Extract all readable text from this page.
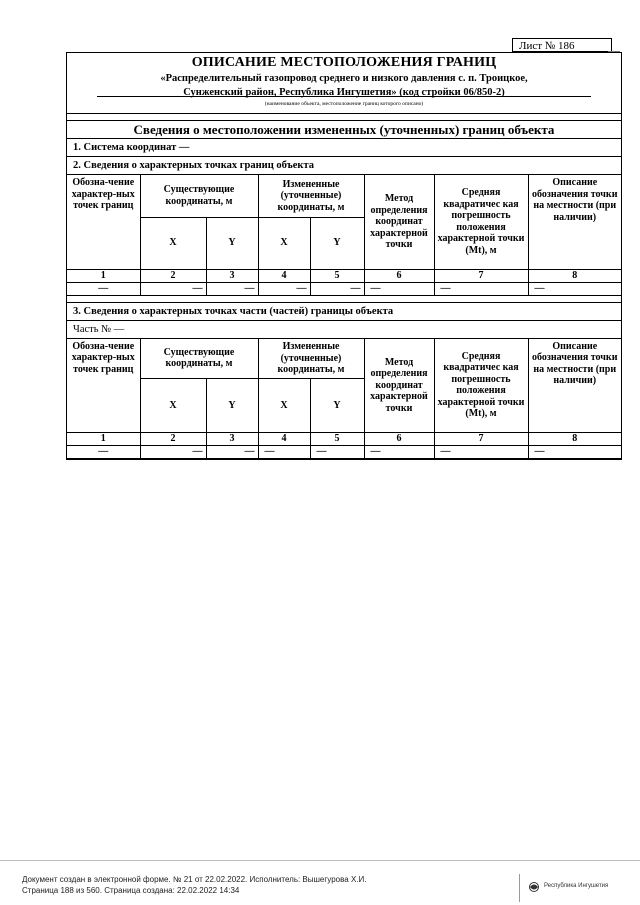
Лист № 186
ОПИСАНИЕ МЕСТОПОЛОЖЕНИЯ ГРАНИЦ
«Распределительный газопровод среднего и низкого давления с. п. Троицкое,
Сунженский район, Республика Ингушетия» (код стройки 06/850-2)
(наименование объекта, местоположение границ которого описано)
Сведения о местоположении измененных (уточненных) границ объекта
1. Система координат —
2. Сведения о характерных точках границ объекта
Обозна-чение характер-ных точек границ	Существующие координаты, м		Измененные (уточненные) координаты, м		Метод определения координат характерной точки	Средняя квадратичес кая погрешность положения характерной точки (Mt), м	Описание обозначения точки на местности (при наличии)
	X	Y	X	Y			
1	2	3	4	5	6	7	8
—	—	—	—	—	—	—	—
3. Сведения о характерных точках части (частей) границы объекта
Часть № —
Обозна-чение характер-ных точек границ	Существующие координаты, м		Измененные (уточненные) координаты, м		Метод определения координат характерной точки	Средняя квадратичес кая погрешность положения характерной точки (Mt), м	Описание обозначения точки на местности (при наличии)
	X	Y	X	Y			
1	2	3	4	5	6	7	8
—	—	—	—	—	—	—	—
Документ создан в электронной форме. № 21 от 22.02.2022. Исполнитель: Вышегурова Х.И.
Страница 188 из 560. Страница создана: 22.02.2022 14:34	Республика Ингушетия
